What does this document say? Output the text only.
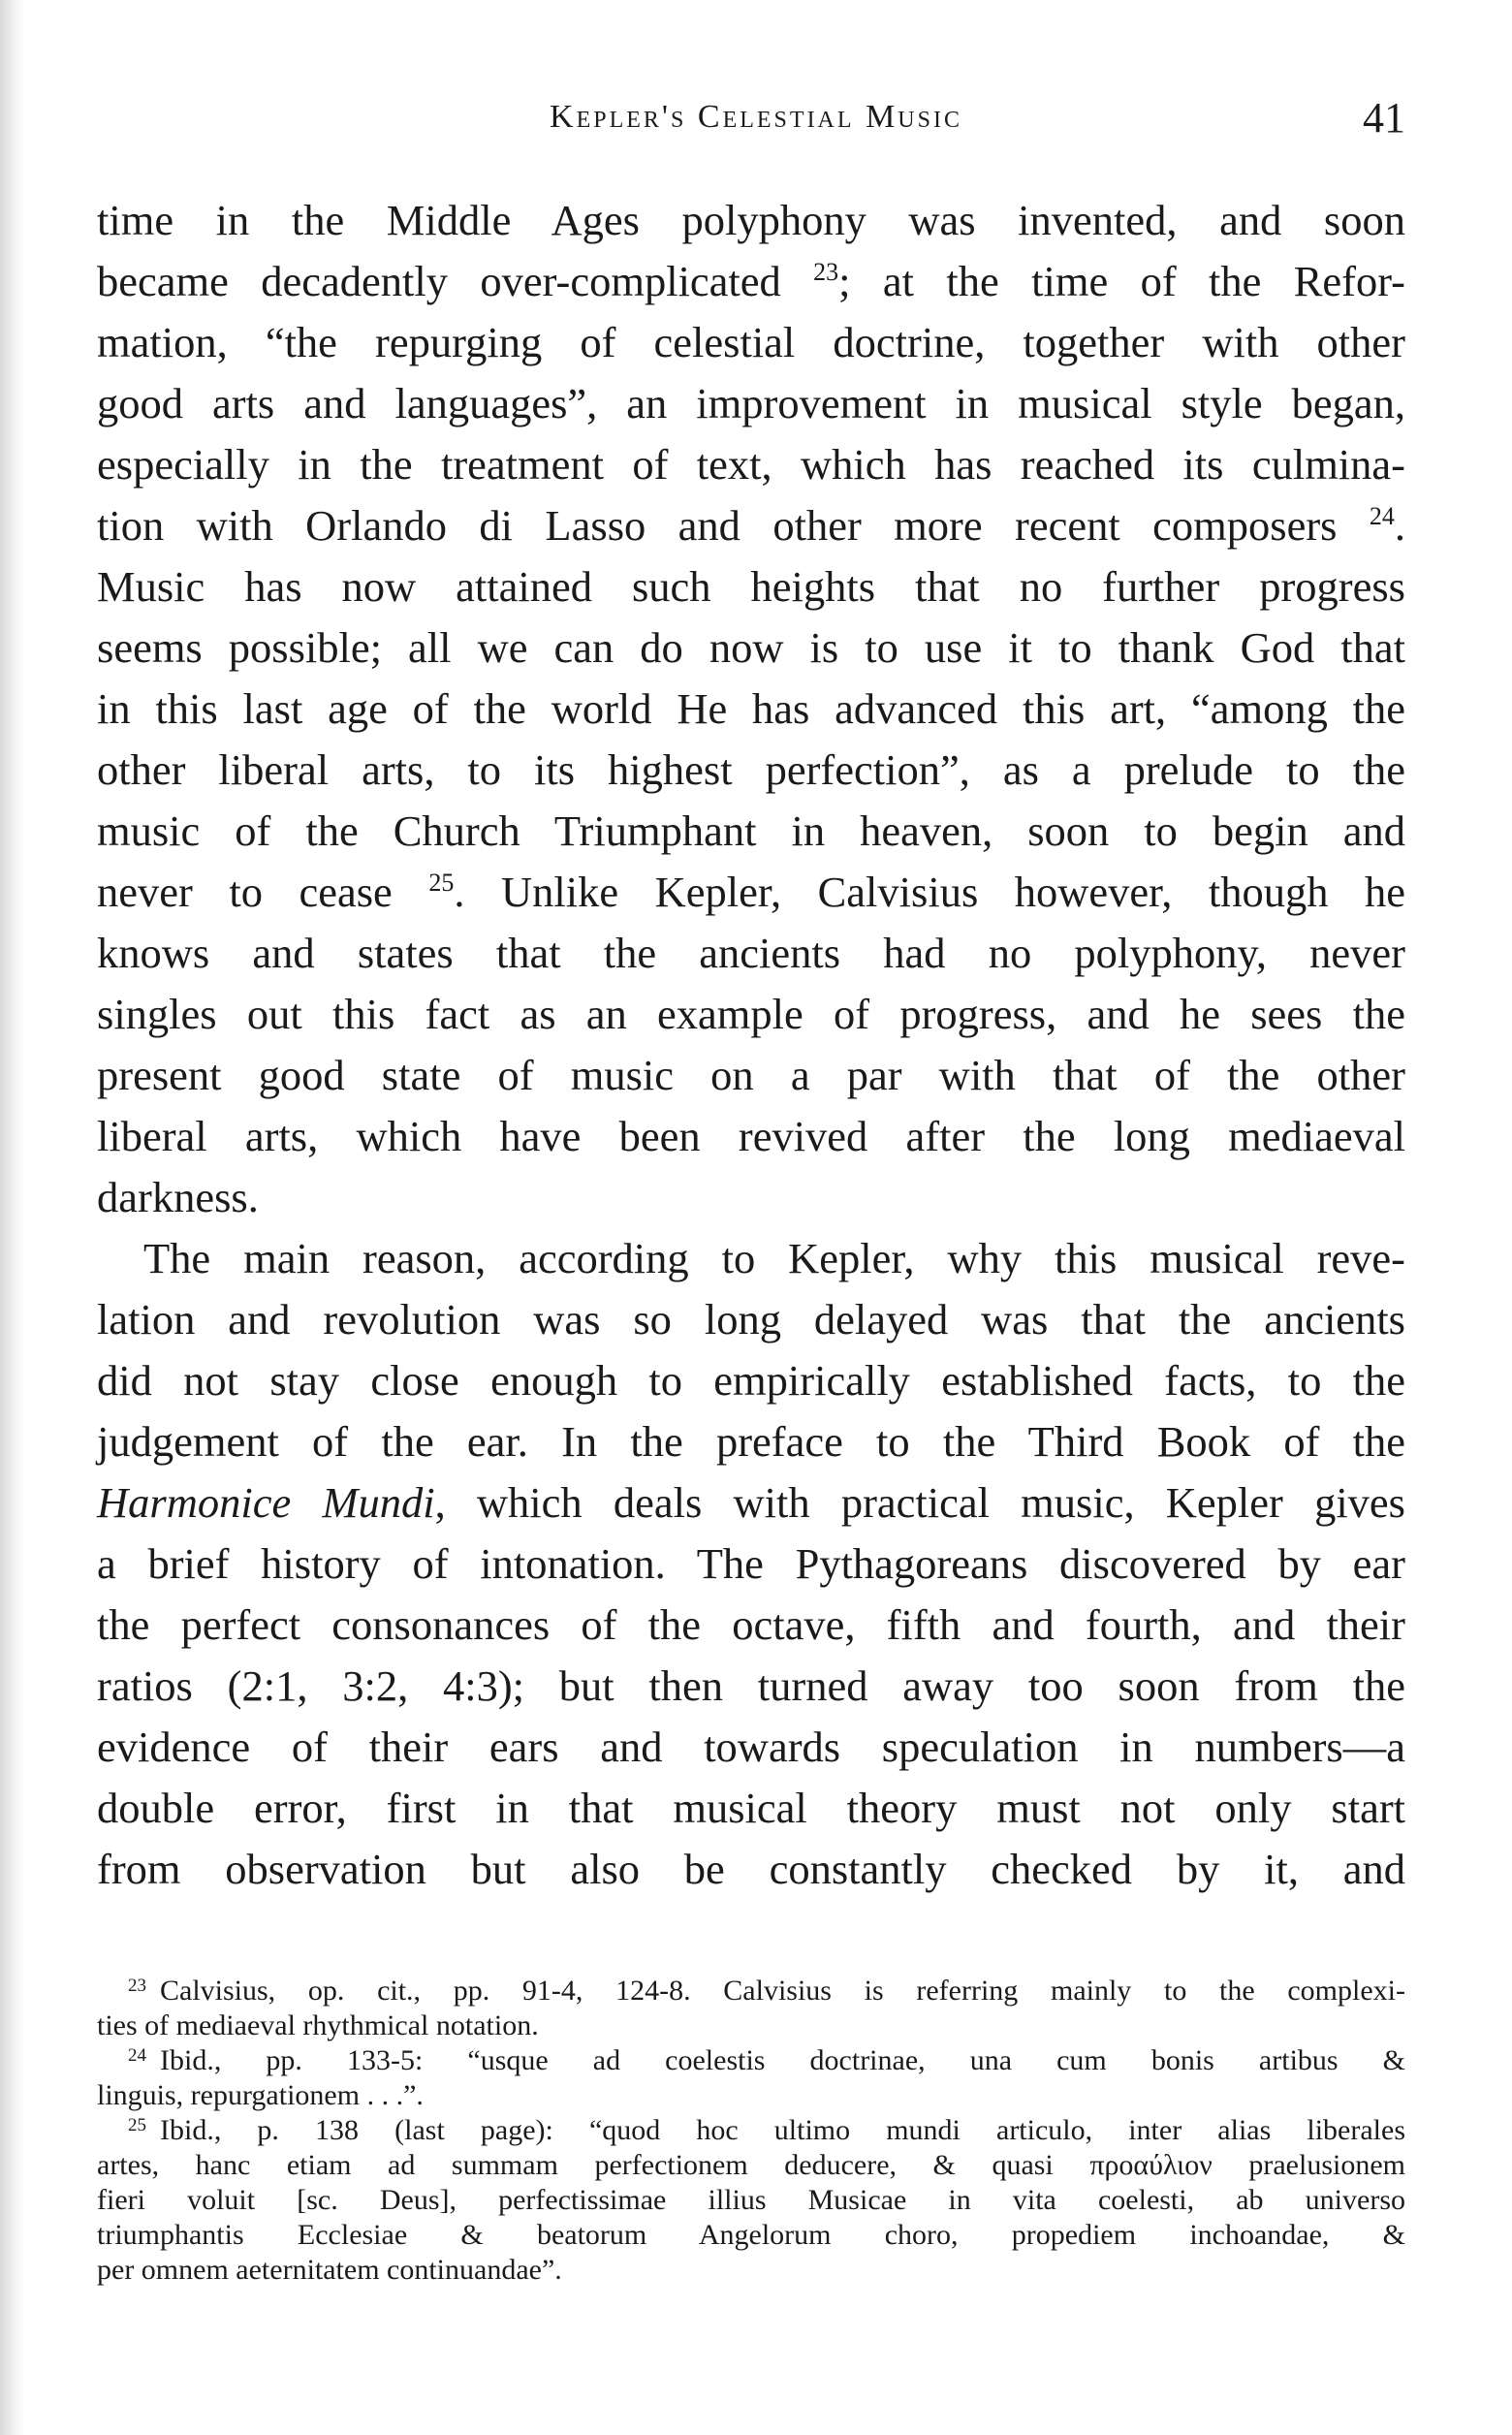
Kepler's Celestial Music	41
time in the Middle Ages polyphony was invented, and soon
became decadently over-complicated $^{23}$; at the time of the Refor-
mation, “the repurging of celestial doctrine, together with other
good arts and languages”, an improvement in musical style began,
especially in the treatment of text, which has reached its culmina-
tion with Orlando di Lasso and other more recent composers $^{24}$.
Music has now attained such heights that no further progress
seems possible; all we can do now is to use it to thank God that
in this last age of the world He has advanced this art, “among the
other liberal arts, to its highest perfection”, as a prelude to the
music of the Church Triumphant in heaven, soon to begin and
never to cease $^{25}$. Unlike Kepler, Calvisius however, though he
knows and states that the ancients had no polyphony, never
singles out this fact as an example of progress, and he sees the
present good state of music on a par with that of the other
liberal arts, which have been revived after the long mediaeval
darkness.
The main reason, according to Kepler, why this musical reve-
lation and revolution was so long delayed was that the ancients
did not stay close enough to empirically established facts, to the
judgement of the ear. In the preface to the Third Book of the
Harmonice Mundi, which deals with practical music, Kepler gives
a brief history of intonation. The Pythagoreans discovered by ear
the perfect consonances of the octave, fifth and fourth, and their
ratios (2:1, 3:2, 4:3); but then turned away too soon from the
evidence of their ears and towards speculation in numbers—a
double error, first in that musical theory must not only start
from observation but also be constantly checked by it, and
$^{23}$ Calvisius, op. cit., pp. 91-4, 124-8. Calvisius is referring mainly to the complexi-
ties of mediaeval rhythmical notation.
$^{24}$ Ibid., pp. 133-5: “usque ad coelestis doctrinae, una cum bonis artibus &
linguis, repurgationem . . .”.
$^{25}$ Ibid., p. 138 (last page): “quod hoc ultimo mundi articulo, inter alias liberales
artes, hanc etiam ad summam perfectionem deducere, & quasi προαύλιον praelusionem
fieri voluit [sc. Deus], perfectissimae illius Musicae in vita coelesti, ab universo
triumphantis Ecclesiae & beatorum Angelorum choro, propediem inchoandae, &
per omnem aeternitatem continuandae”.
